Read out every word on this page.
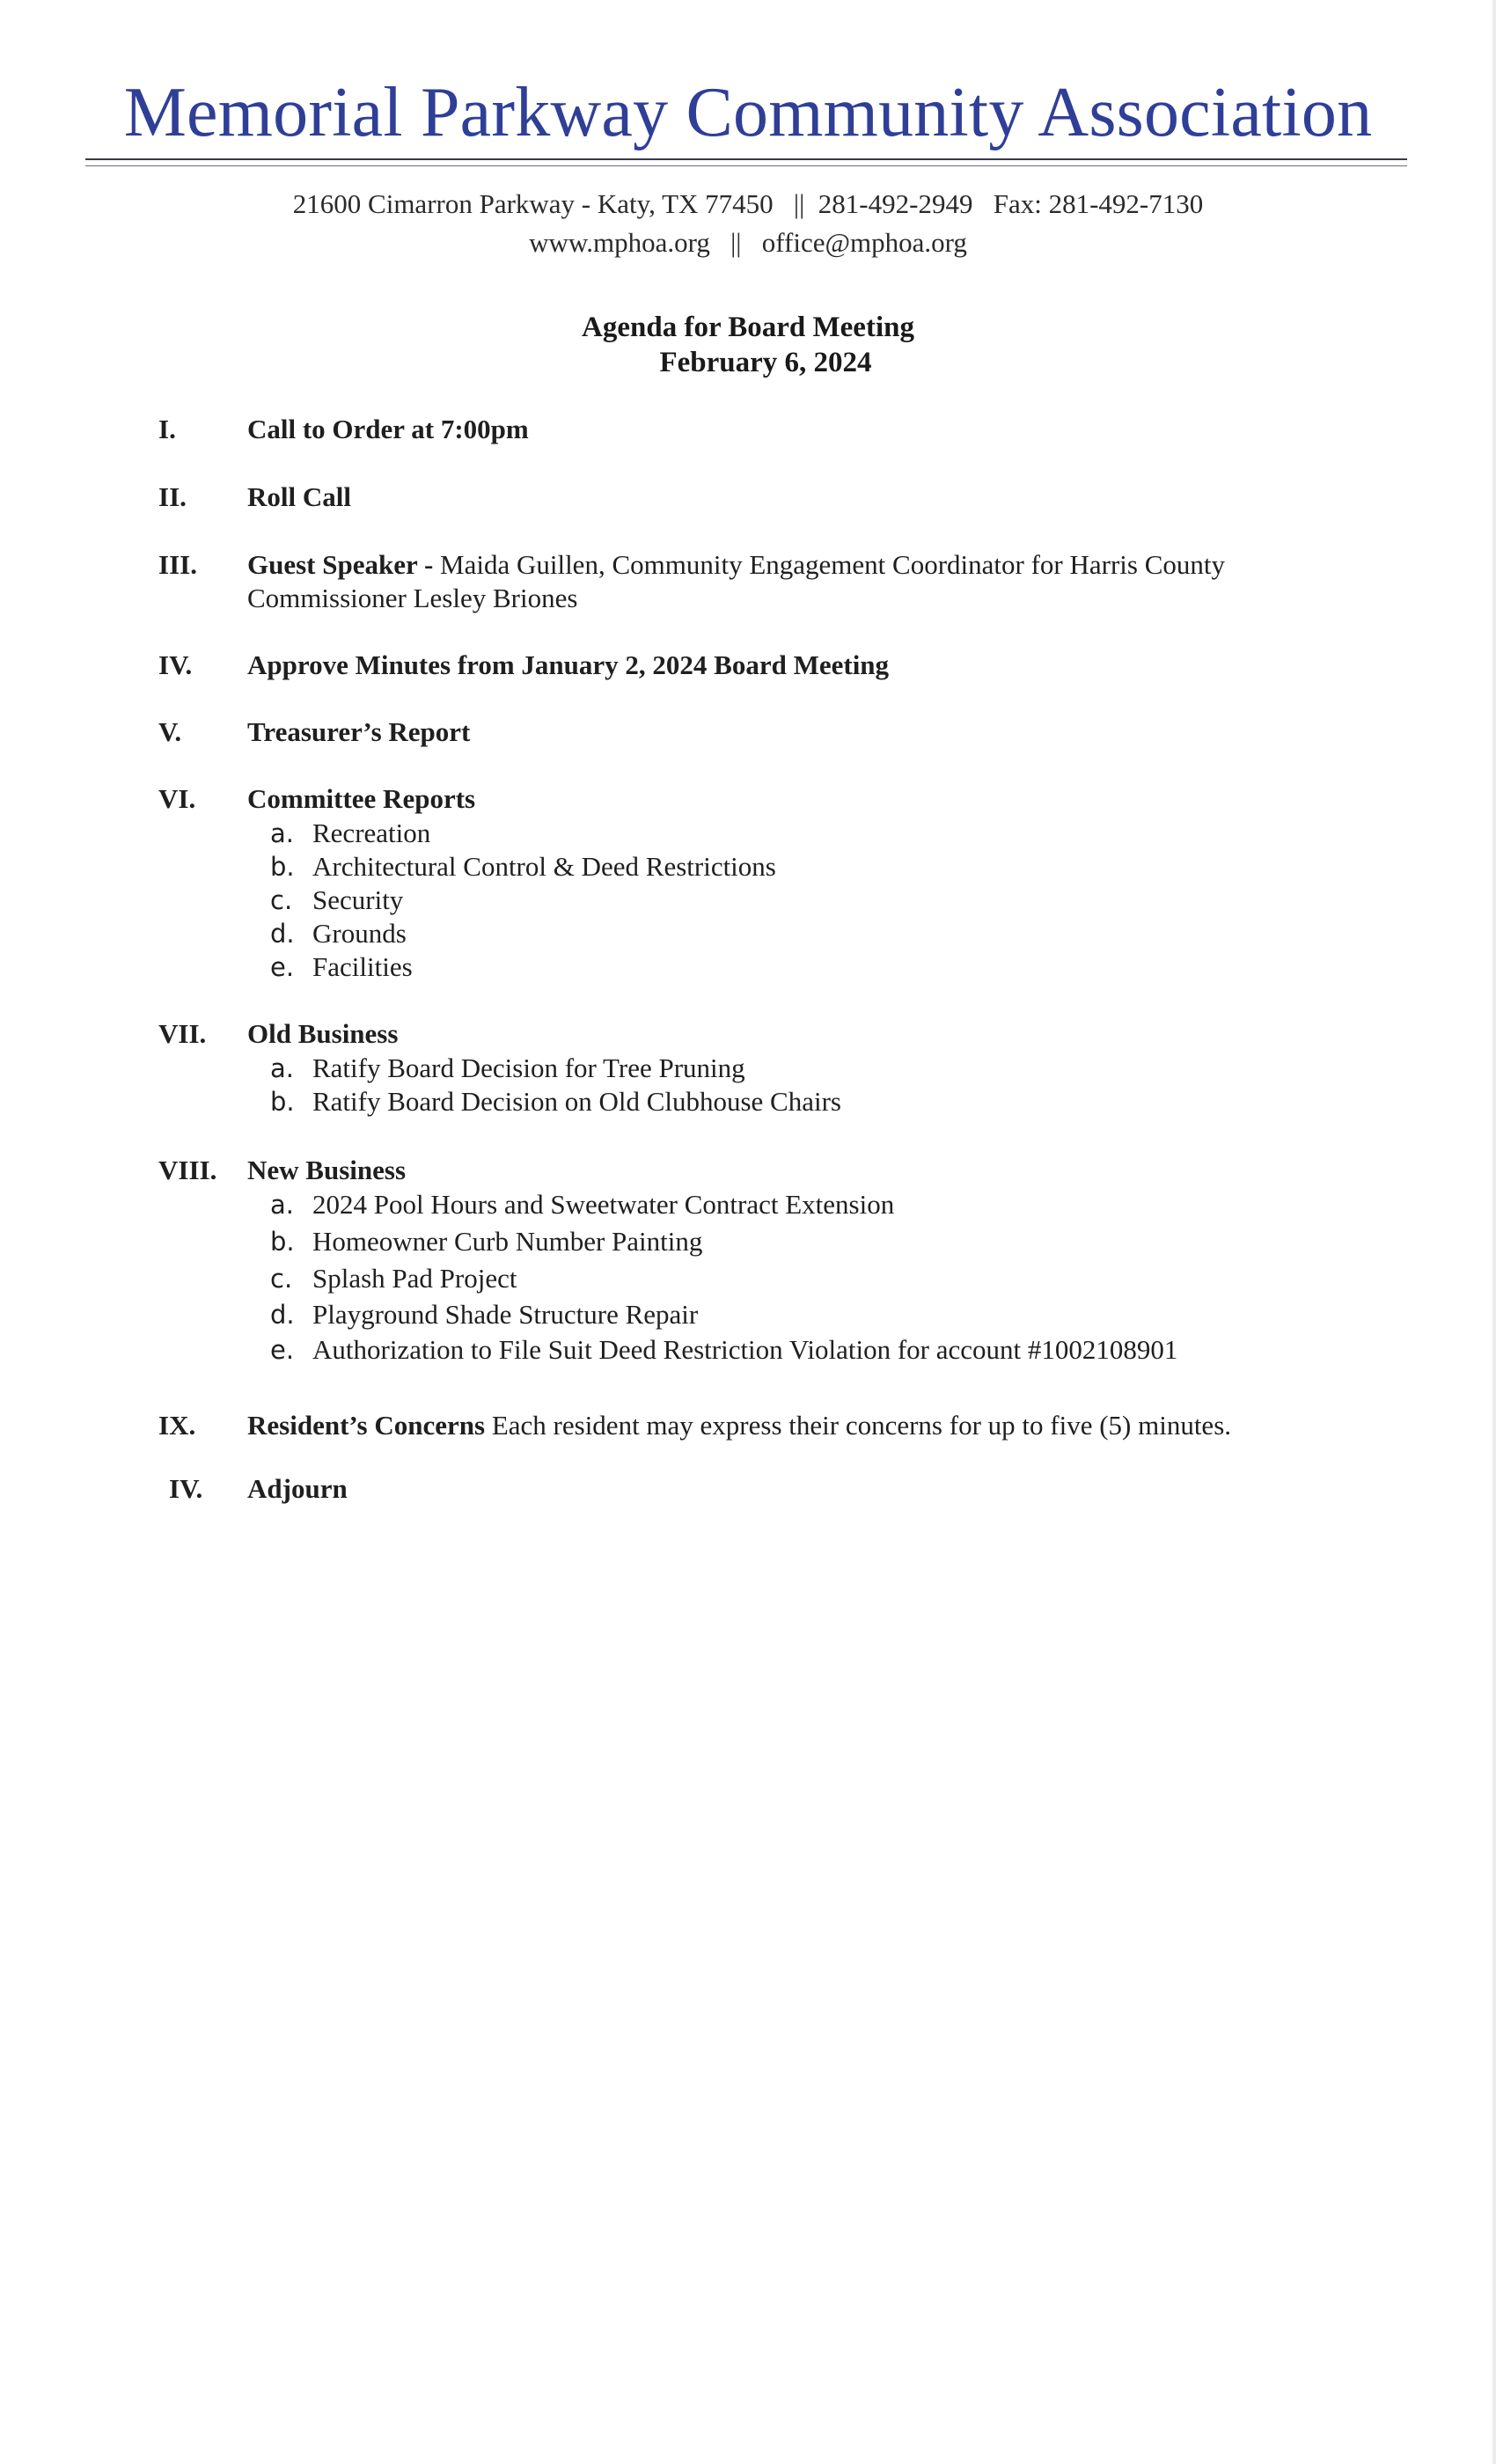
Memorial Parkway Community Association
21600 Cimarron Parkway - Katy, TX 77450   ||  281-492-2949   Fax: 281-492-7130
www.mphoa.org   ||   office@mphoa.org
Agenda for Board Meeting
February 6, 2024
I.	Call to Order at 7:00pm
II. Roll Call
III. Guest Speaker - Maida Guillen, Community Engagement Coordinator for Harris County
Commissioner Lesley Briones
IV. Approve Minutes from January 2, 2024 Board Meeting
V. Treasurer’s Report
VI. Committee Reports
a. Recreation
b. Architectural Control & Deed Restrictions
c. Security
d. Grounds
e. Facilities
VII. Old Business
a. Ratify Board Decision for Tree Pruning
b. Ratify Board Decision on Old Clubhouse Chairs
VIII. New Business
a. 2024 Pool Hours and Sweetwater Contract Extension
b. Homeowner Curb Number Painting
c. Splash Pad Project
d. Playground Shade Structure Repair
e. Authorization to File Suit Deed Restriction Violation for account #1002108901
IX. Resident’s Concerns Each resident may express their concerns for up to five (5) minutes.
IV. Adjourn
